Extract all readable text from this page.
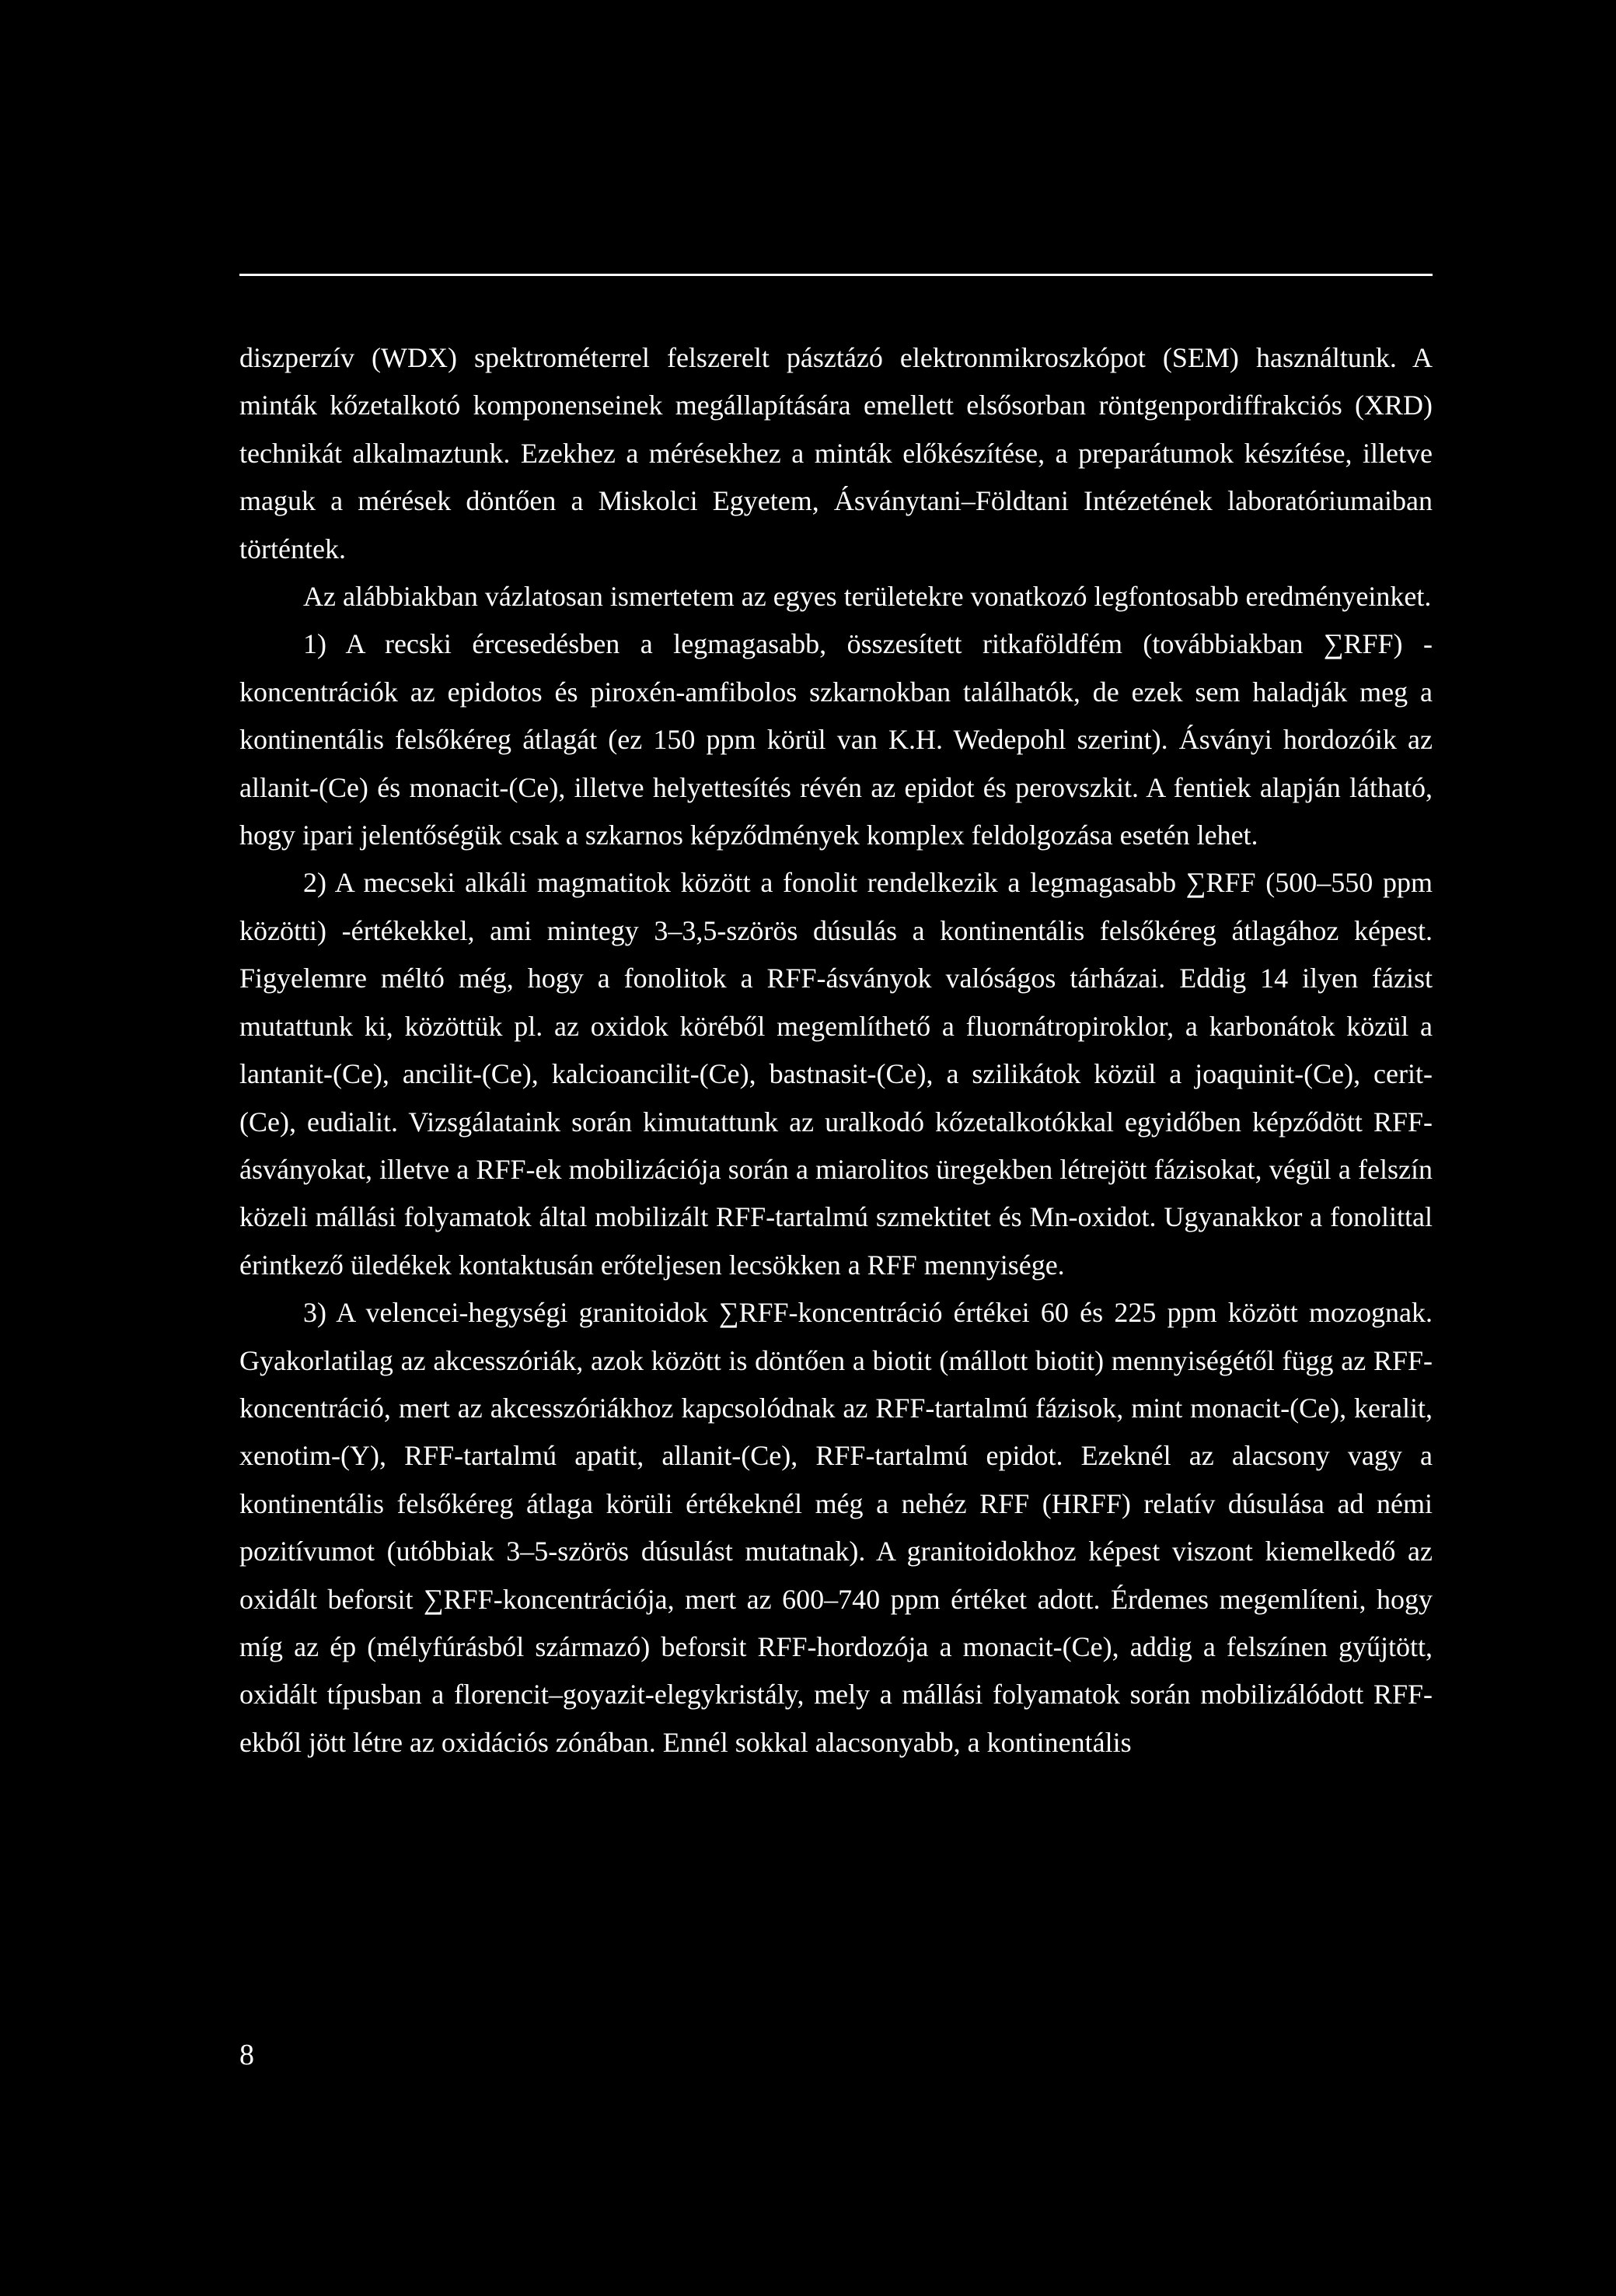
diszperzív (WDX) spektrométerrel felszerelt pásztázó elektronmikroszkópot (SEM) használtunk. A minták kőzetalkotó komponenseinek megállapítására emellett elsősorban röntgenpordiffrakciós (XRD) technikát alkalmaztunk. Ezekhez a mérésekhez a minták előkészítése, a preparátumok készítése, illetve maguk a mérések döntően a Miskolci Egyetem, Ásványtani–Földtani Intézetének laboratóriumaiban történtek.

Az alábbiakban vázlatosan ismertetem az egyes területekre vonatkozó legfontosabb eredményeinket.

1) A recski ércesedésben a legmagasabb, összesített ritkaföldfém (továbbiakban ∑RFF) -koncentrációk az epidotos és piroxén-amfibolos szkarnokban találhatók, de ezek sem haladják meg a kontinentális felsőkéreg átlagát (ez 150 ppm körül van K.H. Wedepohl szerint). Ásványi hordozóik az allanit-(Ce) és monacit-(Ce), illetve helyettesítés révén az epidot és perovszkit. A fentiek alapján látható, hogy ipari jelentőségük csak a szkarnos képződmények komplex feldolgozása esetén lehet.

2) A mecseki alkáli magmatitok között a fonolit rendelkezik a legmagasabb ∑RFF (500–550 ppm közötti) -értékekkel, ami mintegy 3–3,5-szörös dúsulás a kontinentális felsőkéreg átlagához képest. Figyelemre méltó még, hogy a fonolitok a RFF-ásványok valóságos tárházai. Eddig 14 ilyen fázist mutattunk ki, közöttük pl. az oxidok köréből megemlíthető a fluornátropiroklor, a karbonátok közül a lantanit-(Ce), ancilit-(Ce), kalcioancilit-(Ce), bastnasit-(Ce), a szilikátok közül a joaquinit-(Ce), cerit-(Ce), eudialit. Vizsgálataink során kimutattunk az uralkodó kőzetalkotókkal egyidőben képződött RFF-ásványokat, illetve a RFF-ek mobilizációja során a miarolitos üregekben létrejött fázisokat, végül a felszín közeli mállási folyamatok által mobilizált RFF-tartalmú szmektitet és Mn-oxidot. Ugyanakkor a fonolittal érintkező üledékek kontaktusán erőteljesen lecsökken a RFF mennyisége.

3) A velencei-hegységi granitoidok ∑RFF-koncentráció értékei 60 és 225 ppm között mozognak. Gyakorlatilag az akcesszóriák, azok között is döntően a biotit (mállott biotit) mennyiségétől függ az RFF-koncentráció, mert az akcesszóriákhoz kapcsolódnak az RFF-tartalmú fázisok, mint monacit-(Ce), keralit, xenotim-(Y), RFF-tartalmú apatit, allanit-(Ce), RFF-tartalmú epidot. Ezeknél az alacsony vagy a kontinentális felsőkéreg átlaga körüli értékeknél még a nehéz RFF (HRFF) relatív dúsulása ad némi pozitívumot (utóbbiak 3–5-szörös dúsulást mutatnak). A granitoidokhoz képest viszont kiemelkedő az oxidált beforsit ∑RFF-koncentrációja, mert az 600–740 ppm értéket adott. Érdemes megemlíteni, hogy míg az ép (mélyfúrásból származó) beforsit RFF-hordozója a monacit-(Ce), addig a felszínen gyűjtött, oxidált típusban a florencit–goyazit-elegykristály, mely a mállási folyamatok során mobilizálódott RFF-ekből jött létre az oxidációs zónában. Ennél sokkal alacsonyabb, a kontinentális

8
